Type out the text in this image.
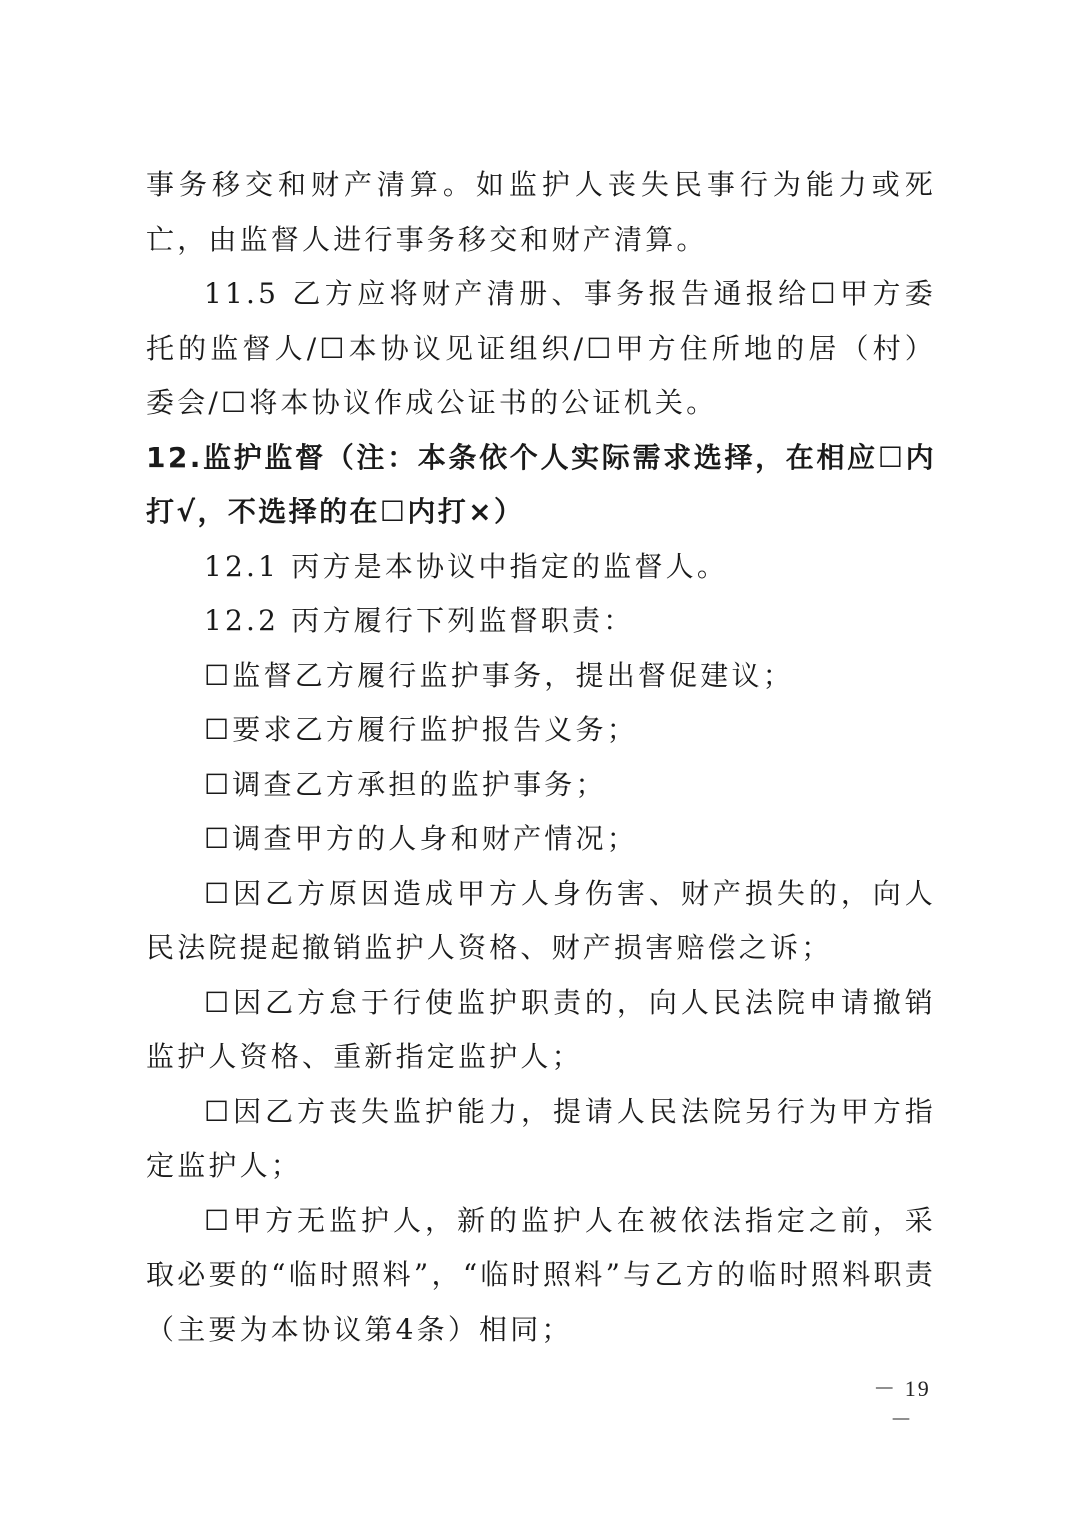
事务移交和财产清算。如监护人丧失民事行为能力或死亡，由监督人进行事务移交和财产清算。

11.5 乙方应将财产清册、事务报告通报给☐甲方委托的监督人/☐本协议见证组织/☐甲方住所地的居（村）委会/☐将本协议作成公证书的公证机关。

12.监护监督（注：本条依个人实际需求选择，在相应☐内打√，不选择的在☐内打×）

12.1 丙方是本协议中指定的监督人。

12.2 丙方履行下列监督职责：

☐监督乙方履行监护事务，提出督促建议；

☐要求乙方履行监护报告义务；

☐调查乙方承担的监护事务；

☐调查甲方的人身和财产情况；

☐因乙方原因造成甲方人身伤害、财产损失的，向人民法院提起撤销监护人资格、财产损害赔偿之诉；

☐因乙方怠于行使监护职责的，向人民法院申请撤销监护人资格、重新指定监护人；

☐因乙方丧失监护能力，提请人民法院另行为甲方指定监护人；

☐甲方无监护人，新的监护人在被依法指定之前，采取必要的“临时照料”，“临时照料”与乙方的临时照料职责（主要为本协议第4条）相同；

－ 19 －
